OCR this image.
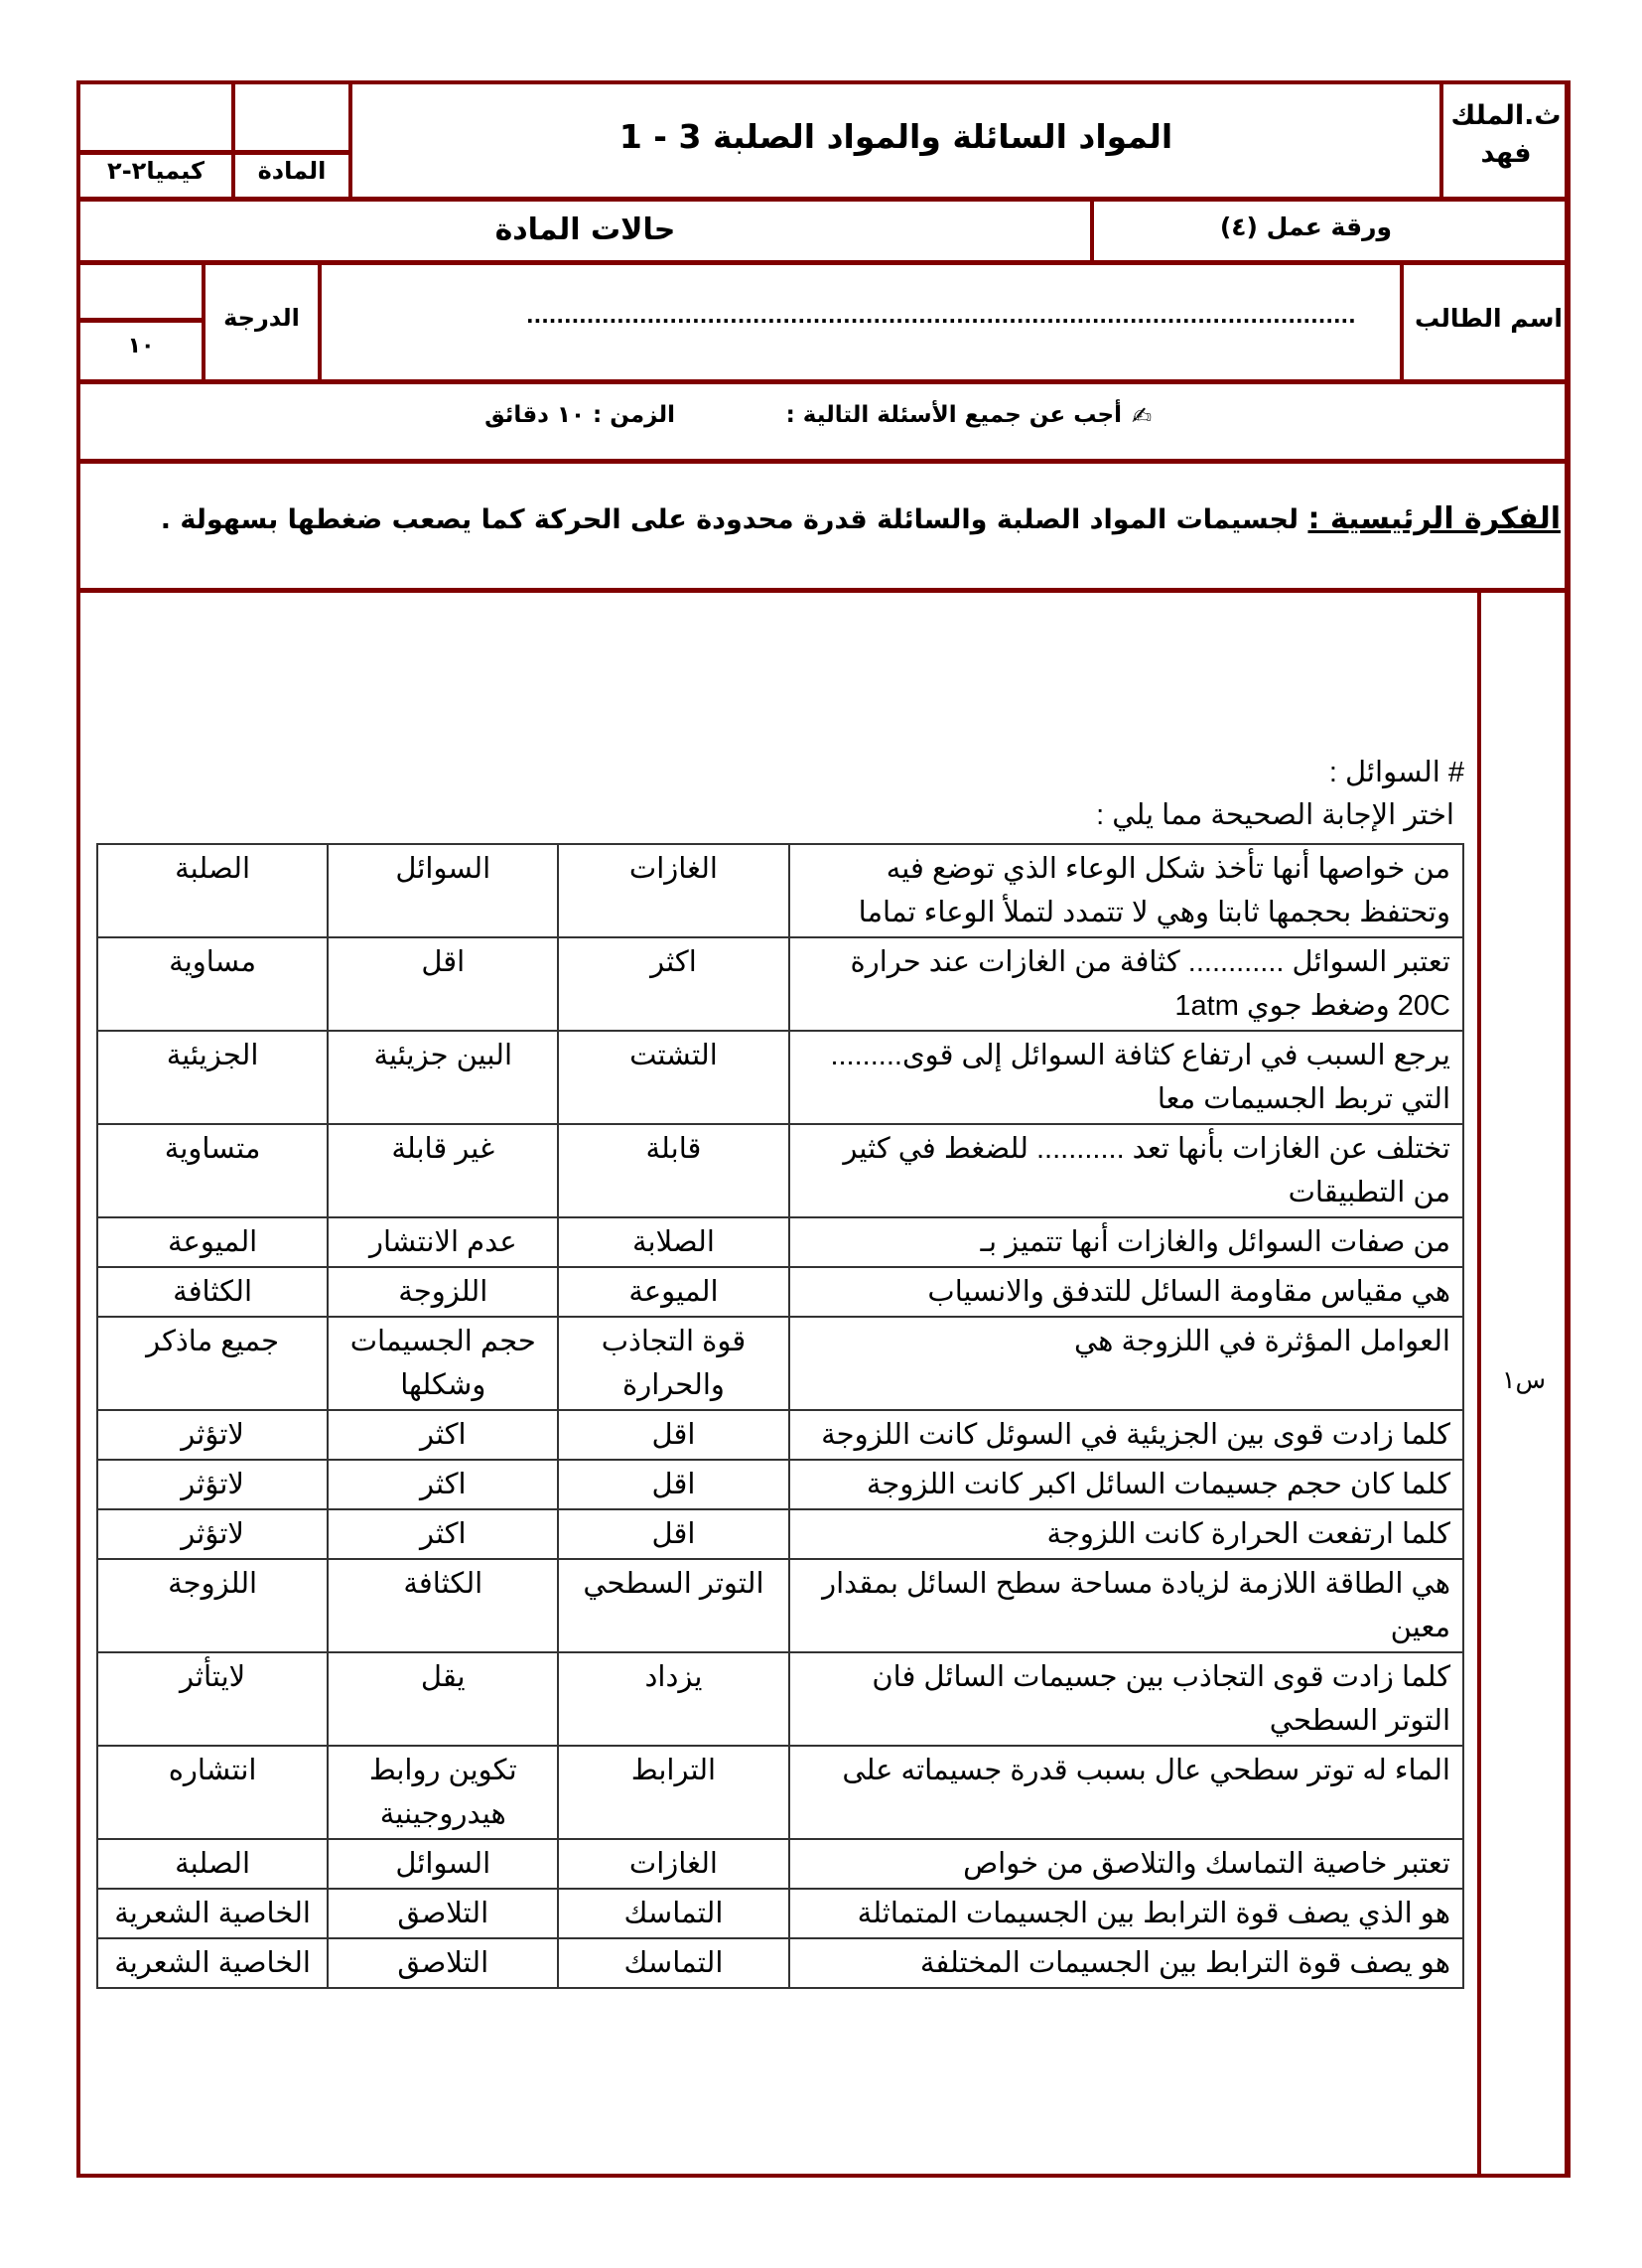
ث.الملك فهد
المواد السائلة والمواد الصلبة 3 - 1
المادة
كيميا٢-٢
حالات المادة	ورقة عمل (٤)
١٠
الدرجة	..............................................................................................................	اسم الطالب
✍
أجب عن جميع الأسئلة التالية :
الزمن : ١٠ دقائق
الفكرة الرئيسية : لجسيمات المواد الصلبة والسائلة قدرة محدودة على الحركة كما يصعب ضغطها بسهولة .
س١
# السوائل :
اختر الإجابة الصحيحة مما يلي :
من خواصها أنها تأخذ شكل الوعاء الذي توضع فيه وتحتفظ بحجمها ثابتا وهي لا تتمدد لتملأ الوعاء تماما	الغازات	السوائل	الصلبة
تعتبر السوائل ............ كثافة من الغازات عند حرارة 20C وضغط جوي 1atm	اكثر	اقل	مساوية
يرجع السبب في ارتفاع كثافة السوائل إلى قوى......... التي تربط الجسيمات معا	التشتت	البين جزيئية	الجزيئية
تختلف عن الغازات بأنها تعد ........... للضغط في كثير من التطبيقات	قابلة	غير قابلة	متساوية
من صفات السوائل والغازات أنها تتميز بـ	الصلابة	عدم الانتشار	الميوعة
هي مقياس مقاومة السائل للتدفق والانسياب	الميوعة	اللزوجة	الكثافة
العوامل المؤثرة في اللزوجة هي	قوة التجاذب والحرارة	حجم الجسيمات وشكلها	جميع ماذكر
كلما زادت قوى بين الجزيئية في السوئل كانت اللزوجة	اقل	اكثر	لاتؤثر
كلما كان حجم جسيمات السائل اكبر كانت اللزوجة	اقل	اكثر	لاتؤثر
كلما ارتفعت الحرارة كانت اللزوجة	اقل	اكثر	لاتؤثر
هي الطاقة اللازمة لزيادة مساحة سطح السائل بمقدار معين	التوتر السطحي	الكثافة	اللزوجة
كلما زادت قوى التجاذب بين جسيمات السائل فان التوتر السطحي	يزداد	يقل	لايتأثر
الماء له توتر سطحي عال بسبب قدرة جسيماته على	الترابط	تكوين روابط هيدروجينية	انتشاره
تعتبر خاصية التماسك والتلاصق من خواص	الغازات	السوائل	الصلبة
هو الذي يصف قوة الترابط بين الجسيمات المتماثلة	التماسك	التلاصق	الخاصية الشعرية
هو يصف قوة الترابط بين الجسيمات المختلفة	التماسك	التلاصق	الخاصية الشعرية
